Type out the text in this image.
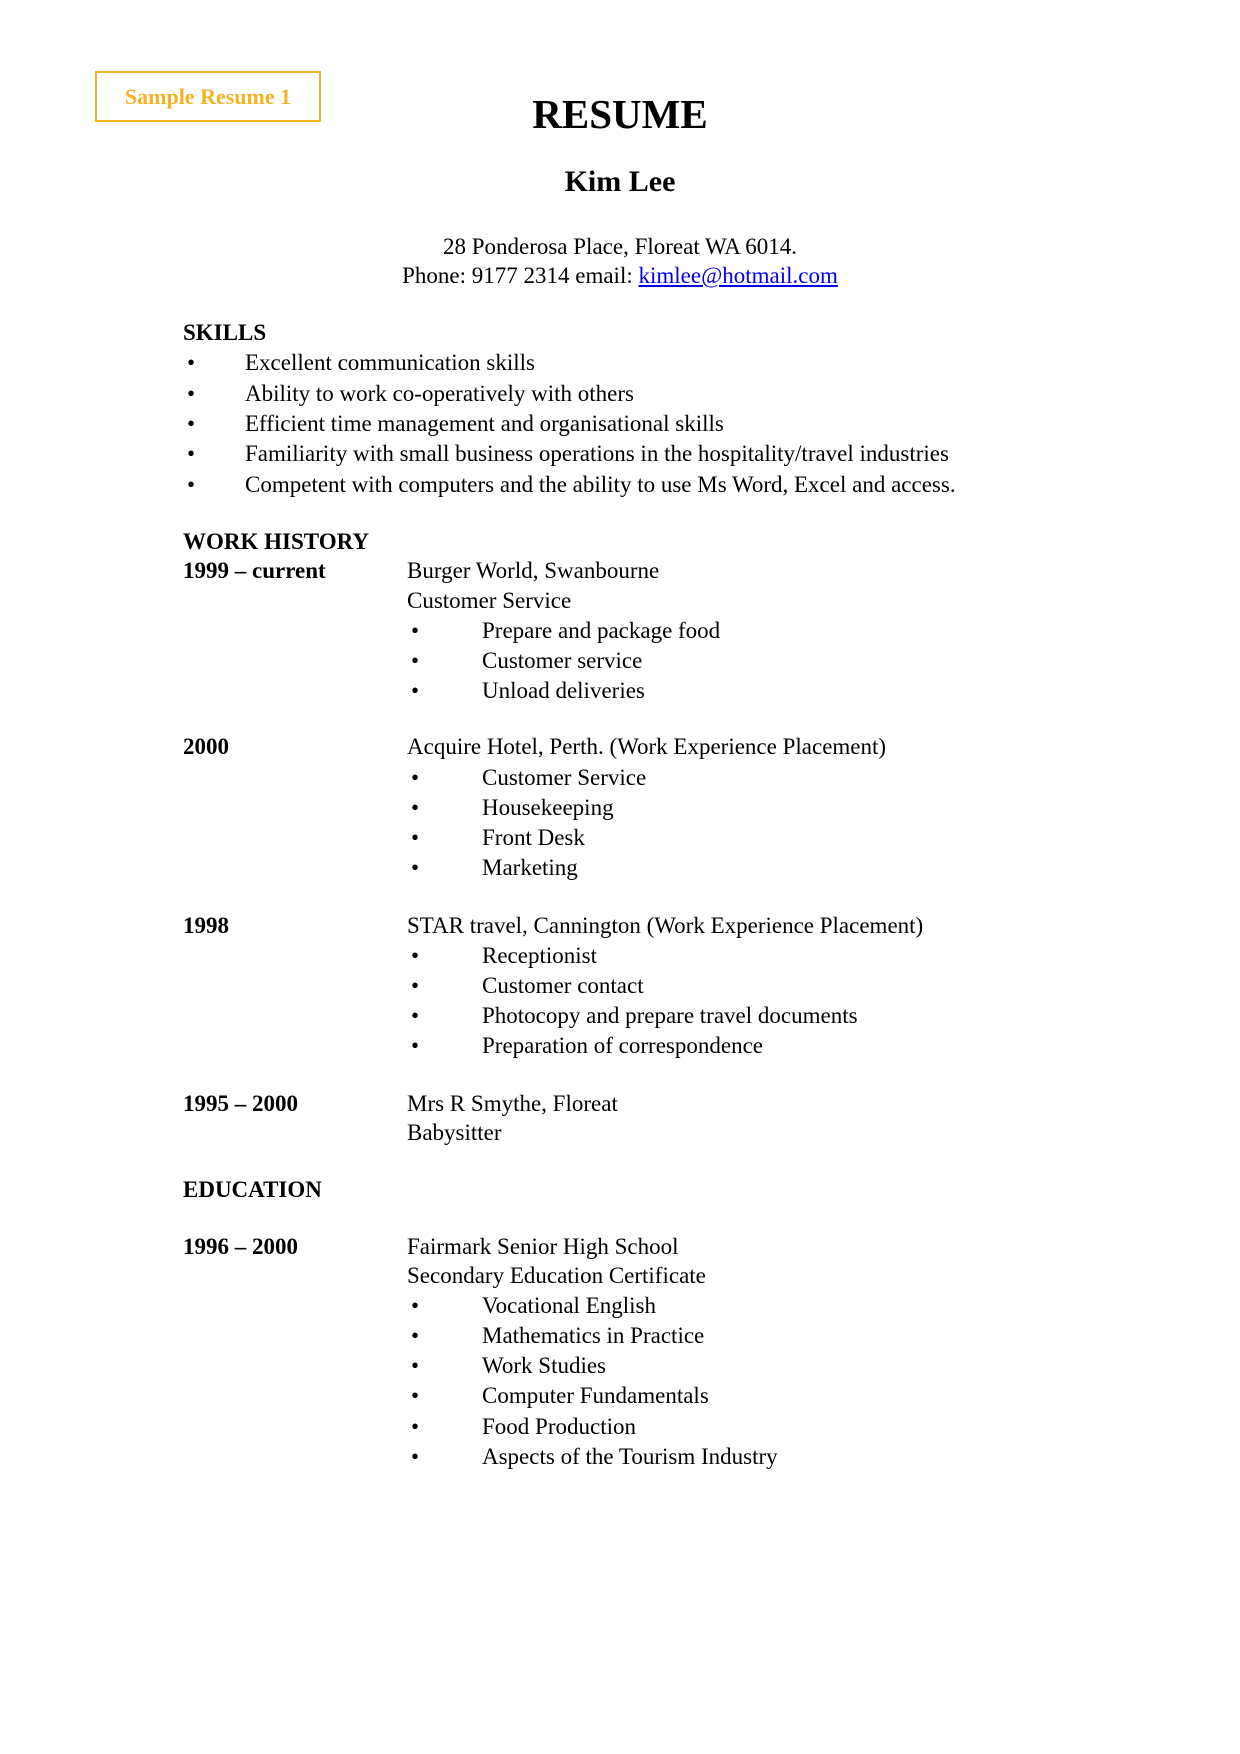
Sample Resume 1	RESUME
Kim Lee
28 Ponderosa Place, Floreat WA 6014.
Phone: 9177 2314 email: kimlee@hotmail.com
SKILLS
• Excellent communication skills
• Ability to work co-operatively with others
• Efficient time management and organisational skills
• Familiarity with small business operations in the hospitality/travel industries
• Competent with computers and the ability to use Ms Word, Excel and access.
WORK HISTORY
1999 – current	Burger World, Swanbourne
Customer Service
•	Prepare and package food
•	Customer service
•	Unload deliveries
2000	Acquire Hotel, Perth. (Work Experience Placement)
•	Customer Service
•	Housekeeping
•	Front Desk
•	Marketing
1998	STAR travel, Cannington (Work Experience Placement)
•	Receptionist
•	Customer contact
•	Photocopy and prepare travel documents
•	Preparation of correspondence
1995 – 2000	Mrs R Smythe, Floreat
Babysitter
EDUCATION
1996 – 2000	Fairmark Senior High School
Secondary Education Certificate
•	Vocational English
•	Mathematics in Practice
•	Work Studies
•	Computer Fundamentals
•	Food Production
•	Aspects of the Tourism Industry
